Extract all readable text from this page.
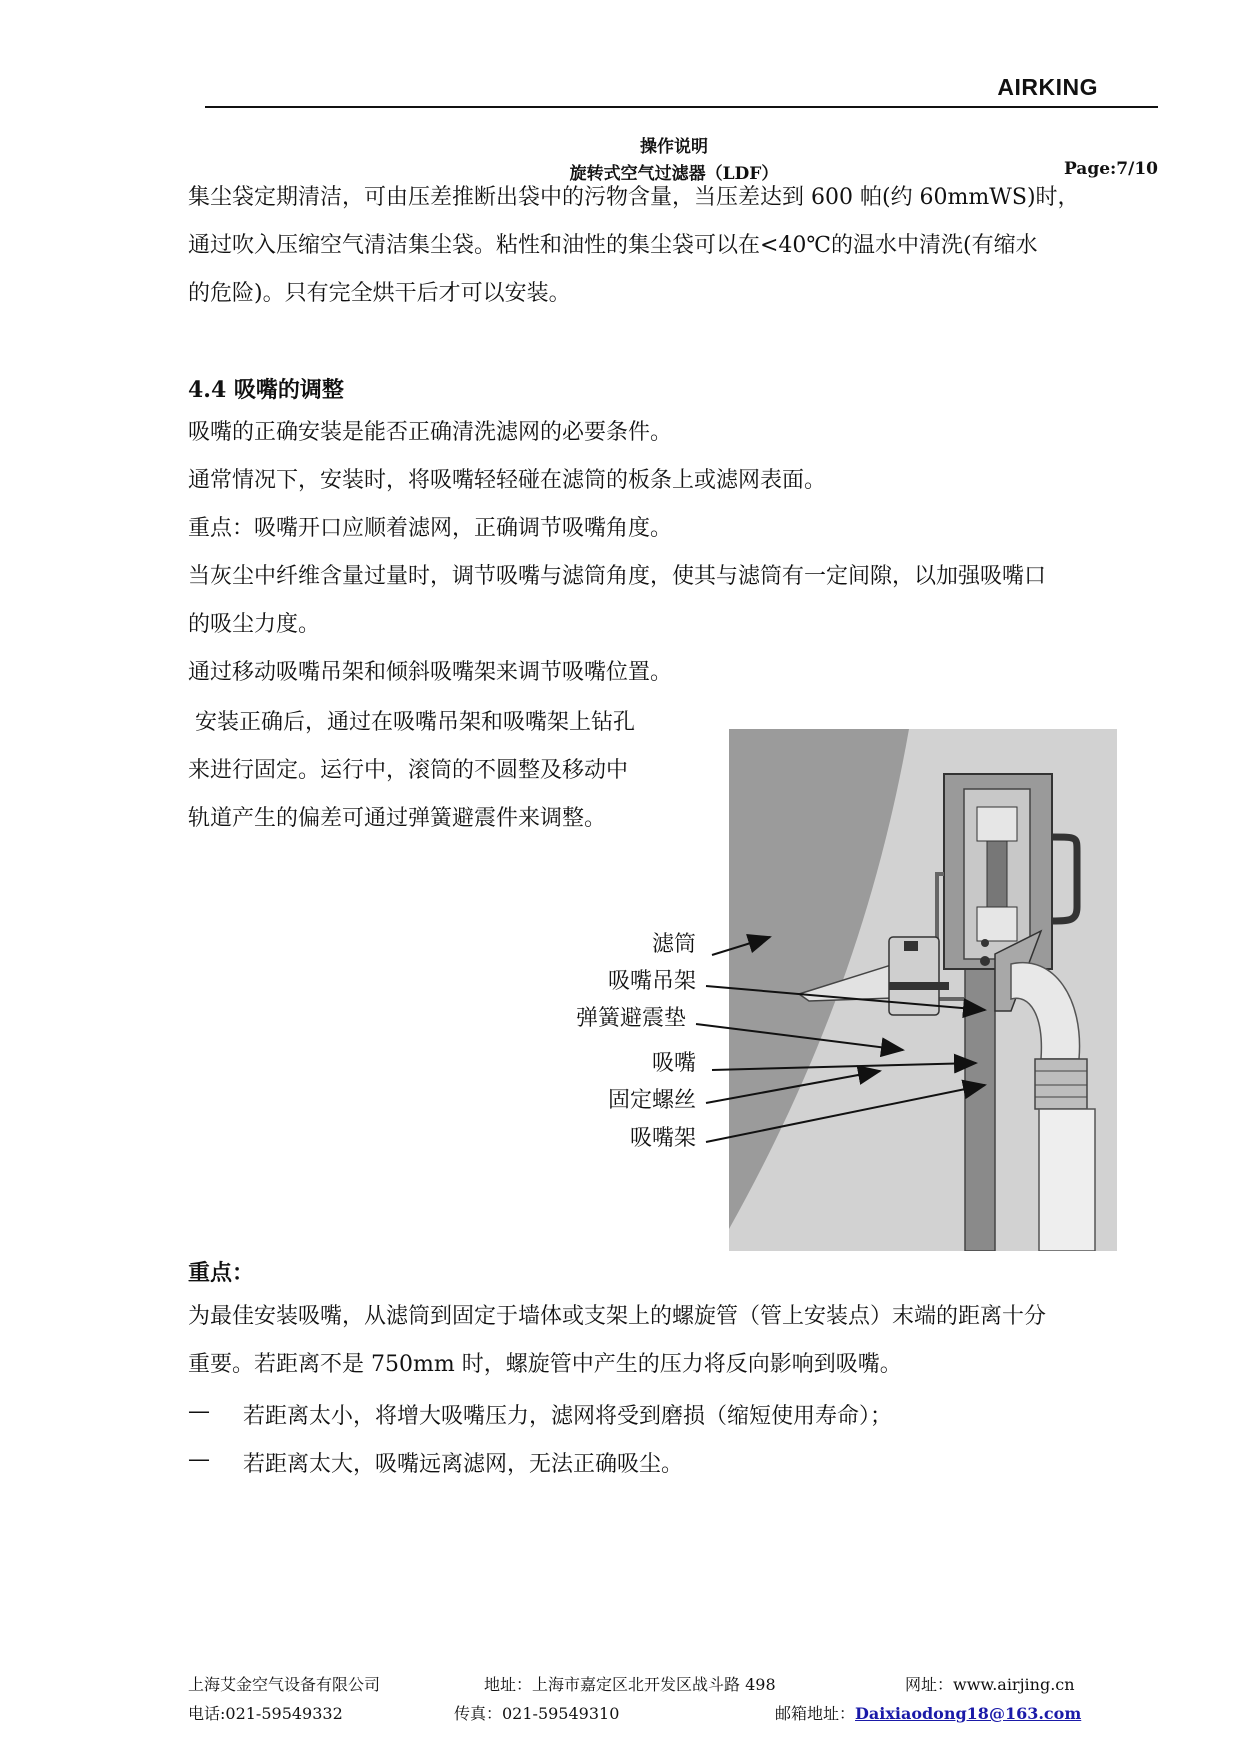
AIRKING
操作说明
旋转式空气过滤器（LDF）	Page:7/10
集尘袋定期清洁，可由压差推断出袋中的污物含量，当压差达到 600 帕(约 60mmWS)时，
通过吹入压缩空气清洁集尘袋。粘性和油性的集尘袋可以在<40℃的温水中清洗(有缩水
的危险)。只有完全烘干后才可以安装。
4.4 吸嘴的调整
吸嘴的正确安装是能否正确清洗滤网的必要条件。
通常情况下，安装时，将吸嘴轻轻碰在滤筒的板条上或滤网表面。
重点：吸嘴开口应顺着滤网，正确调节吸嘴角度。
当灰尘中纤维含量过量时，调节吸嘴与滤筒角度，使其与滤筒有一定间隙，以加强吸嘴口
的吸尘力度。
通过移动吸嘴吊架和倾斜吸嘴架来调节吸嘴位置。
安装正确后，通过在吸嘴吊架和吸嘴架上钻孔
来进行固定。运行中，滚筒的不圆整及移动中
轨道产生的偏差可通过弹簧避震件来调整。
滤筒
吸嘴吊架
弹簧避震垫
吸嘴
固定螺丝
吸嘴架
重点：
为最佳安装吸嘴，从滤筒到固定于墙体或支架上的螺旋管（管上安装点）末端的距离十分
重要。若距离不是 750mm 时，螺旋管中产生的压力将反向影响到吸嘴。
— 若距离太小，将增大吸嘴压力，滤网将受到磨损（缩短使用寿命）；
— 若距离太大，吸嘴远离滤网，无法正确吸尘。
上海艾金空气设备有限公司	地址：上海市嘉定区北开发区战斗路 498	网址：www.airjing.cn
电话:021-59549332	传真：021-59549310	邮箱地址：Daixiaodong18@163.com
